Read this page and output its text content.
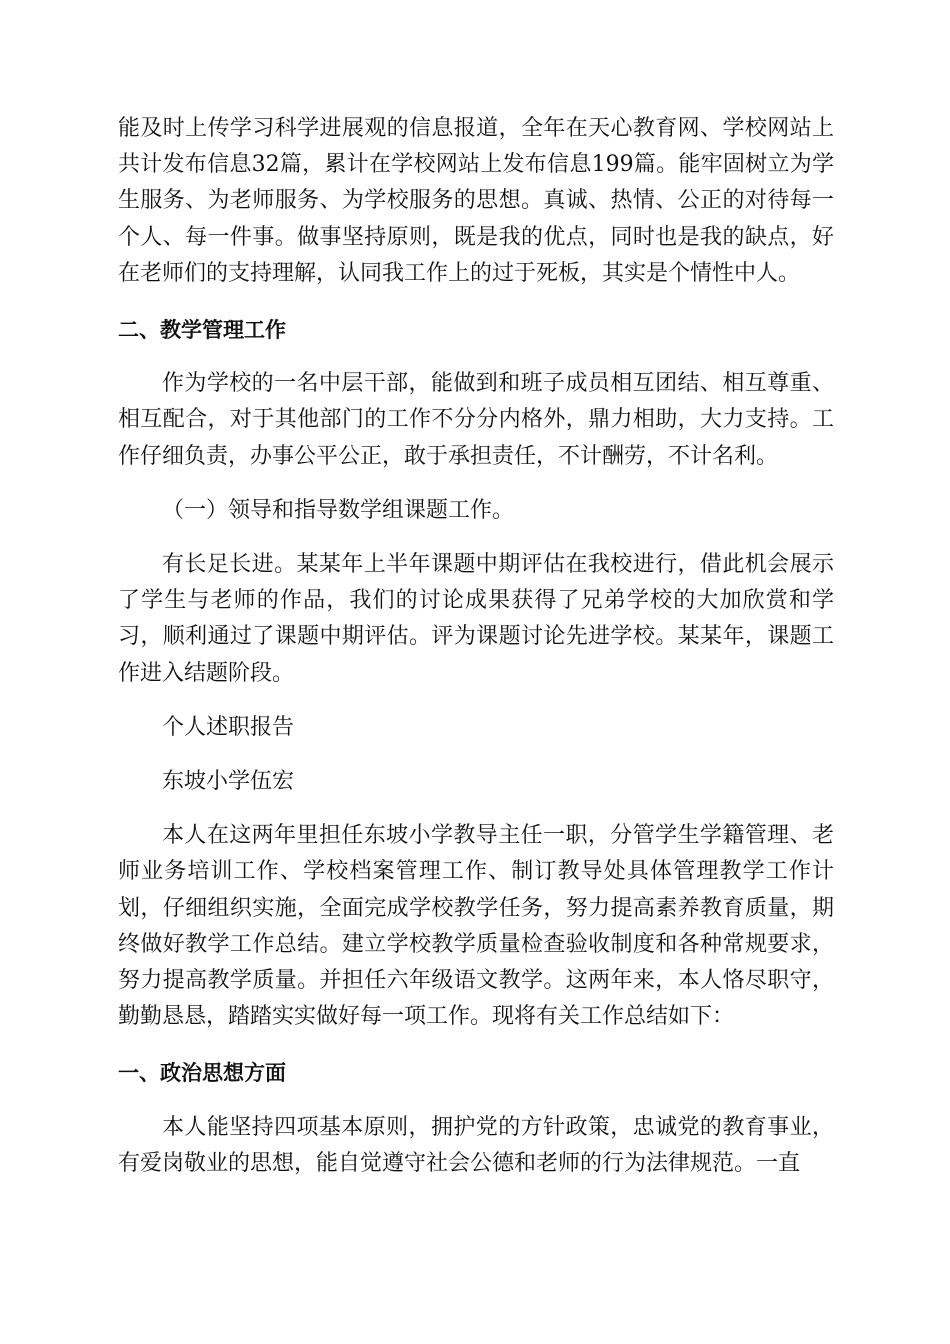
能及时上传学习科学进展观的信息报道，全年在天心教育网、学校网站上共计发布信息32篇，累计在学校网站上发布信息199篇。能牢固树立为学生服务、为老师服务、为学校服务的思想。真诚、热情、公正的对待每一个人、每一件事。做事坚持原则，既是我的优点，同时也是我的缺点，好在老师们的支持理解，认同我工作上的过于死板，其实是个情性中人。

二、教学管理工作

作为学校的一名中层干部，能做到和班子成员相互团结、相互尊重、相互配合，对于其他部门的工作不分分内格外，鼎力相助，大力支持。工作仔细负责，办事公平公正，敢于承担责任，不计酬劳，不计名利。

（一）领导和指导数学组课题工作。

有长足长进。某某年上半年课题中期评估在我校进行，借此机会展示了学生与老师的作品，我们的讨论成果获得了兄弟学校的大加欣赏和学习，顺利通过了课题中期评估。评为课题讨论先进学校。某某年，课题工作进入结题阶段。

个人述职报告

东坡小学伍宏

本人在这两年里担任东坡小学教导主任一职，分管学生学籍管理、老师业务培训工作、学校档案管理工作、制订教导处具体管理教学工作计划，仔细组织实施，全面完成学校教学任务，努力提高素养教育质量，期终做好教学工作总结。建立学校教学质量检查验收制度和各种常规要求，努力提高教学质量。并担任六年级语文教学。这两年来，本人恪尽职守，勤勤恳恳，踏踏实实做好每一项工作。现将有关工作总结如下：

一、政治思想方面

本人能坚持四项基本原则，拥护党的方针政策，忠诚党的教育事业，有爱岗敬业的思想，能自觉遵守社会公德和老师的行为法律规范。一直
